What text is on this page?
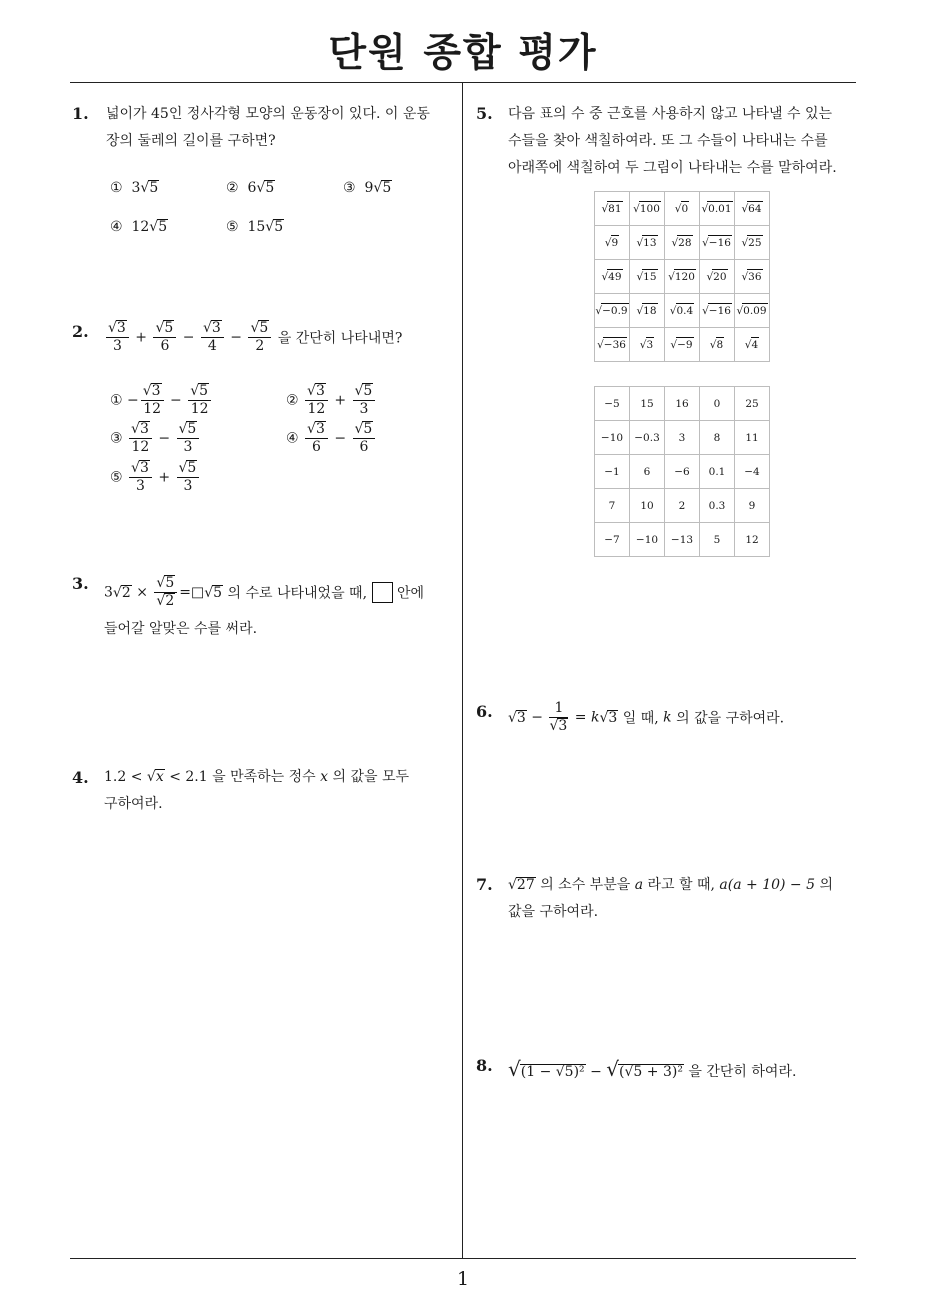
단원 종합 평가
1
1. 넓이가 45인 정사각형 모양의 운동장이 있다. 이 운동
장의 둘레의 길이를 구하면?
① 3√5	② 6√5	③ 9√5
④ 12√5	⑤ 15√5
2. $\frac{√3}{3} + \frac{√5}{6} - \frac{√3}{4} - \frac{√5}{2}$ 을 간단히 나타내면?
① − $\frac{√3}{12} - \frac{√5}{12}$	② $\frac{√3}{12} + \frac{√5}{3}$
③ $\frac{√3}{12} - \frac{√5}{3}$	④ $\frac{√3}{6} - \frac{√5}{6}$
⑤ $\frac{√3}{3} + \frac{√5}{3}$
3. $3√2 \times \frac{√5}{√2}$ =□√5 의 수로 나타내었을 때, 안에
들어갈 알맞은 수를 써라.
4. 1.2 < √x < 2.1 을 만족하는 정수 x 의 값을 모두
구하여라.
5. 다음 표의 수 중 근호를 사용하지 않고 나타낼 수 있는
수들을 찾아 색칠하여라. 또 그 수들이 나타내는 수를
아래쪽에 색칠하여 두 그림이 나타내는 수를 말하여라.
√81	√100	√0	√0.01	√64
√9	√13	√28	√−16	√25
√49	√15	√120	√20	√36
√−0.9	√18	√0.4	√−16	√0.09
√−36	√3	√−9	√8	√4
−5	15	16	0	25
−10	−0.3	3	8	11
−1	6	−6	0.1	−4
7	10	2	0.3	9
−7	−10	−13	5	12
6. $√3 - \frac{1}{√3} = k√3$ 일 때, k 의 값을 구하여라.
7. √27 의 소수 부분을 a 라고 할 때, a(a + 10) − 5 의
값을 구하여라.
8. √(1 − √5)² − √(√5 + 3)² 을 간단히 하여라.
